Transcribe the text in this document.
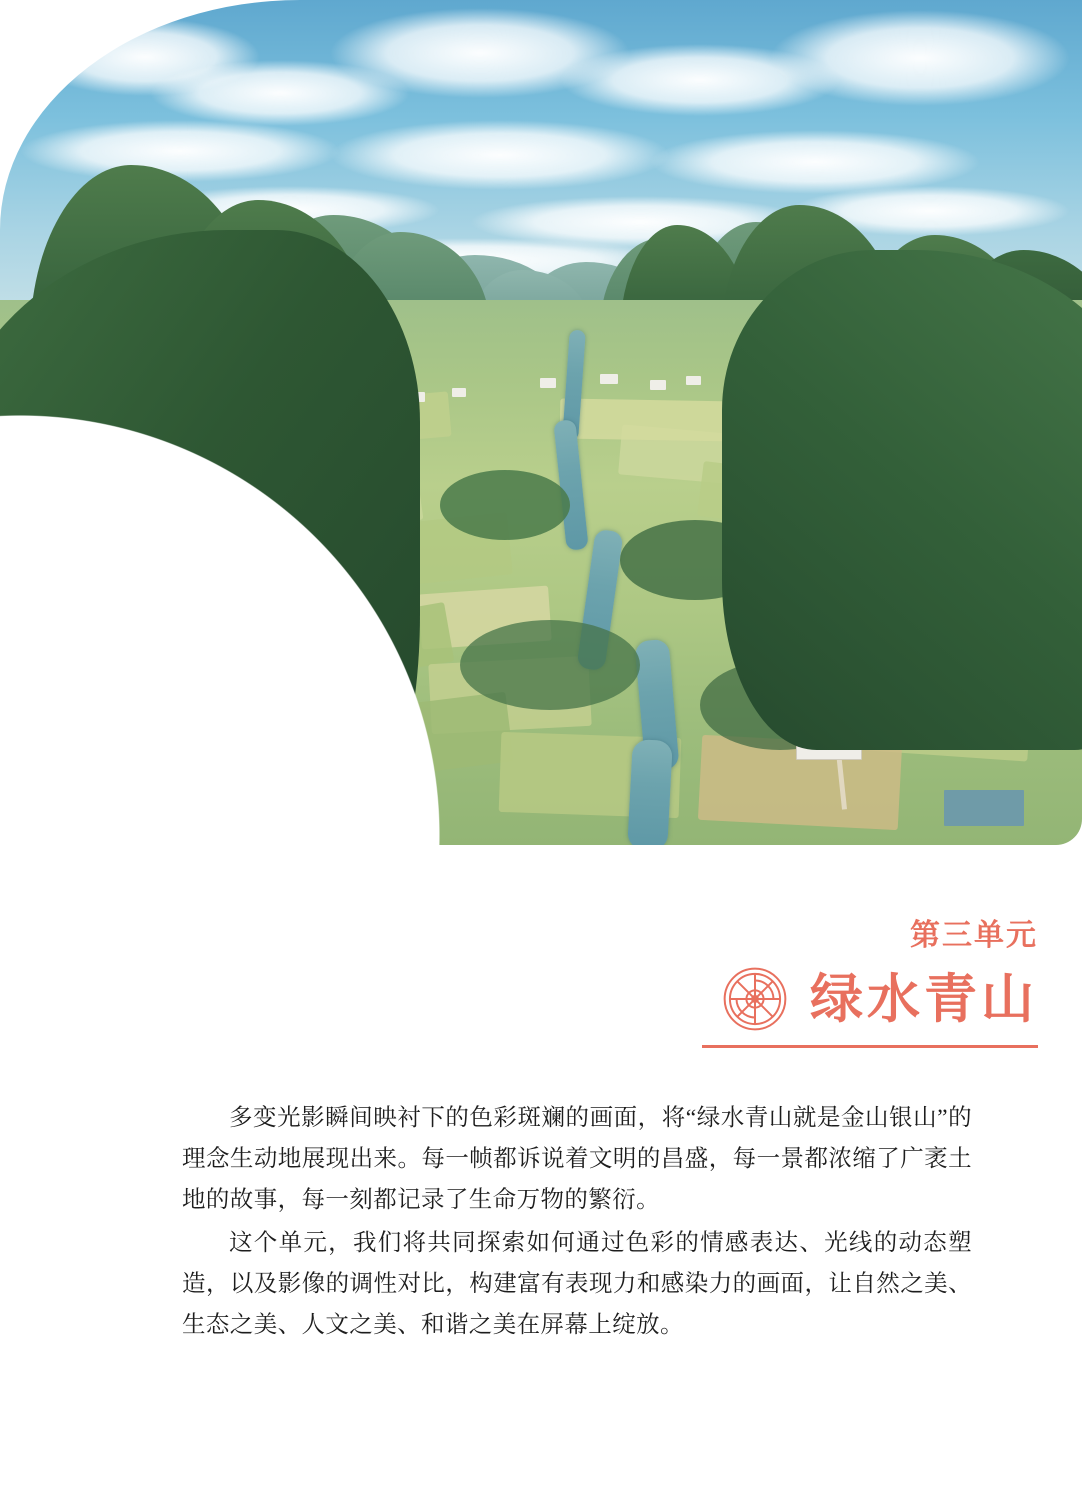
第三单元
绿水青山

多变光影瞬间映衬下的色彩斑斓的画面，将“绿水青山就是金山银山”的理念生动地展现出来。每一帧都诉说着文明的昌盛，每一景都浓缩了广袤土地的故事，每一刻都记录了生命万物的繁衍。

这个单元，我们将共同探索如何通过色彩的情感表达、光线的动态塑造，以及影像的调性对比，构建富有表现力和感染力的画面，让自然之美、生态之美、人文之美、和谐之美在屏幕上绽放。
